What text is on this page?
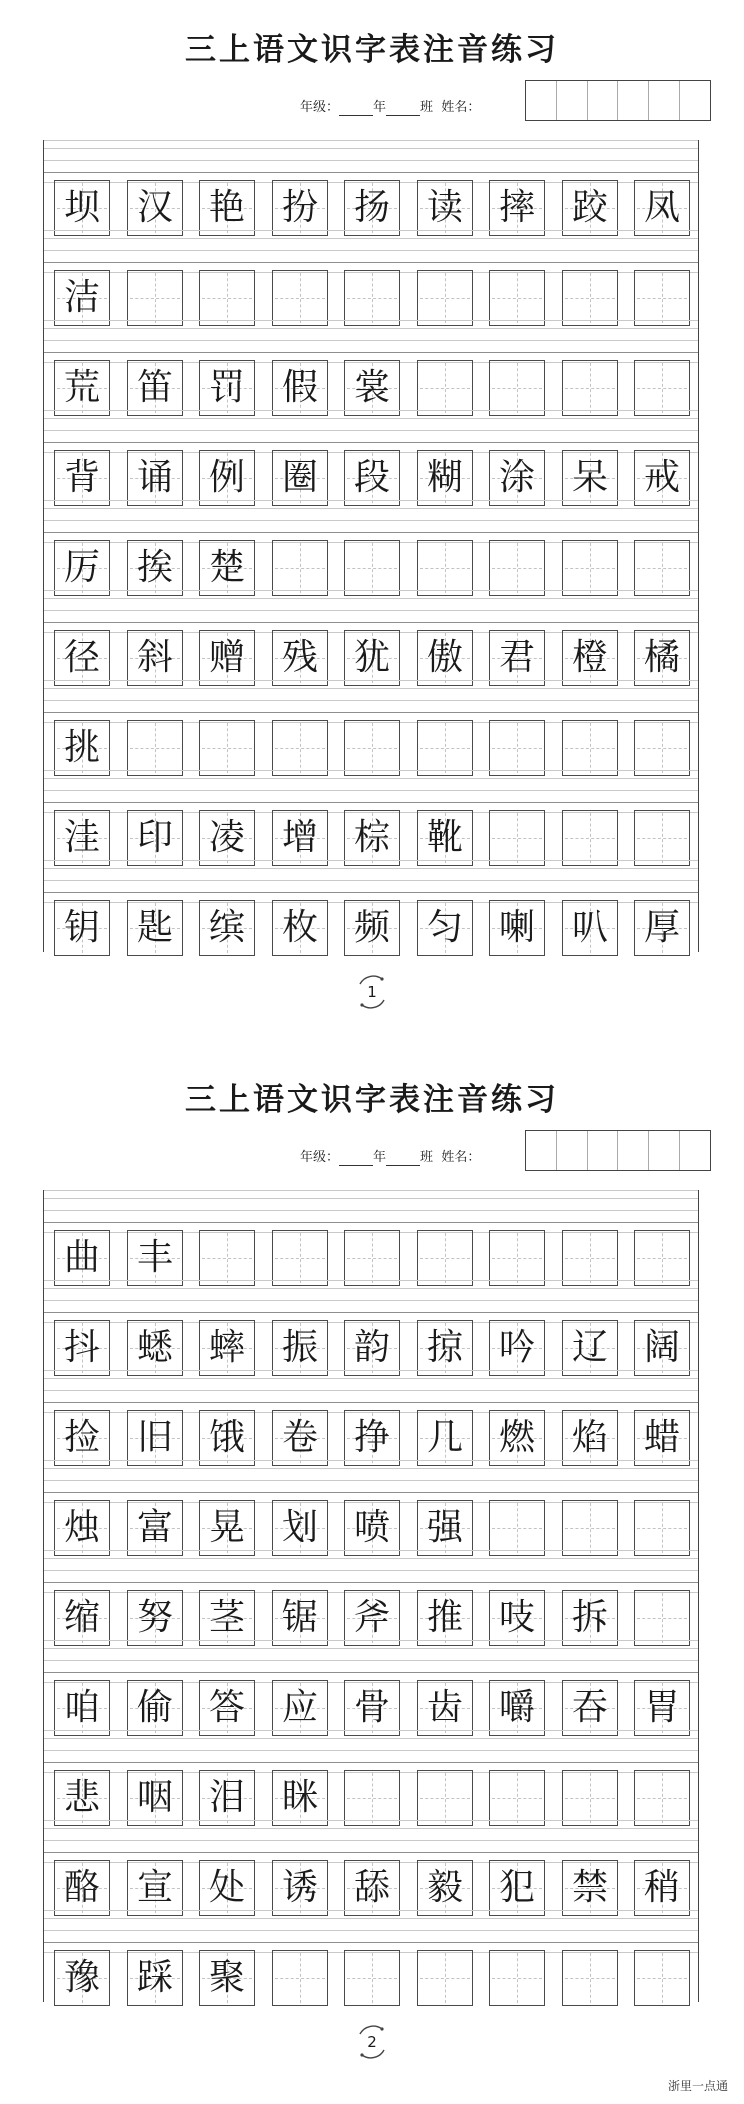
三上语文识字表注音练习
年级：	年	班 姓名：
坝 汉 艳 扮 扬 读 摔 跤 凤
洁
荒 笛 罚 假 裳
背 诵 例 圈 段 糊 涂 呆 戒
厉 挨 楚
径 斜 赠 残 犹 傲 君 橙 橘
挑
洼 印 凌 增 棕 靴
钥 匙 缤 枚 频 匀 喇 叭 厚
1
三上语文识字表注音练习
年级：	年	班 姓名：
曲 丰
抖 蟋 蟀 振 韵 掠 吟 辽 阔
捡 旧 饿 卷 挣 几 燃 焰 蜡
烛 富 晃 划 喷 强
缩 努 茎 锯 斧 推 吱 拆
咱 偷 答 应 骨 齿 嚼 吞 胃
悲 咽 泪 眯
酪 宣 处 诱 舔 毅 犯 禁 稍
豫 踩 聚
2
浙里一点通
